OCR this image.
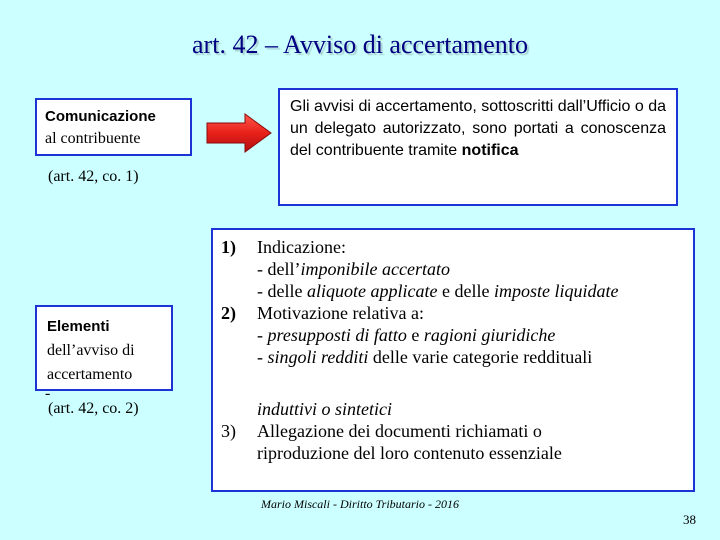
art. 42 – Avviso di accertamento
Comunicazione
al contribuente
(art. 42, co. 1)
Gli avvisi di accertamento, sottoscritti dall’Ufficio o da un delegato autorizzato, sono portati a conoscenza del contribuente tramite notifica
Elementi
dell’avviso di
accertamento
-
(art. 42, co. 2)
1) Indicazione:
- dell’imponibile accertato
- delle aliquote applicate e delle imposte liquidate
2) Motivazione relativa a:
- presupposti di fatto e ragioni giuridiche
- singoli redditi delle varie categorie reddituali
induttivi o sintetici
3) Allegazione dei documenti richiamati o
riproduzione del loro contenuto essenziale
Mario Miscali - Diritto Tributario - 2016
38
